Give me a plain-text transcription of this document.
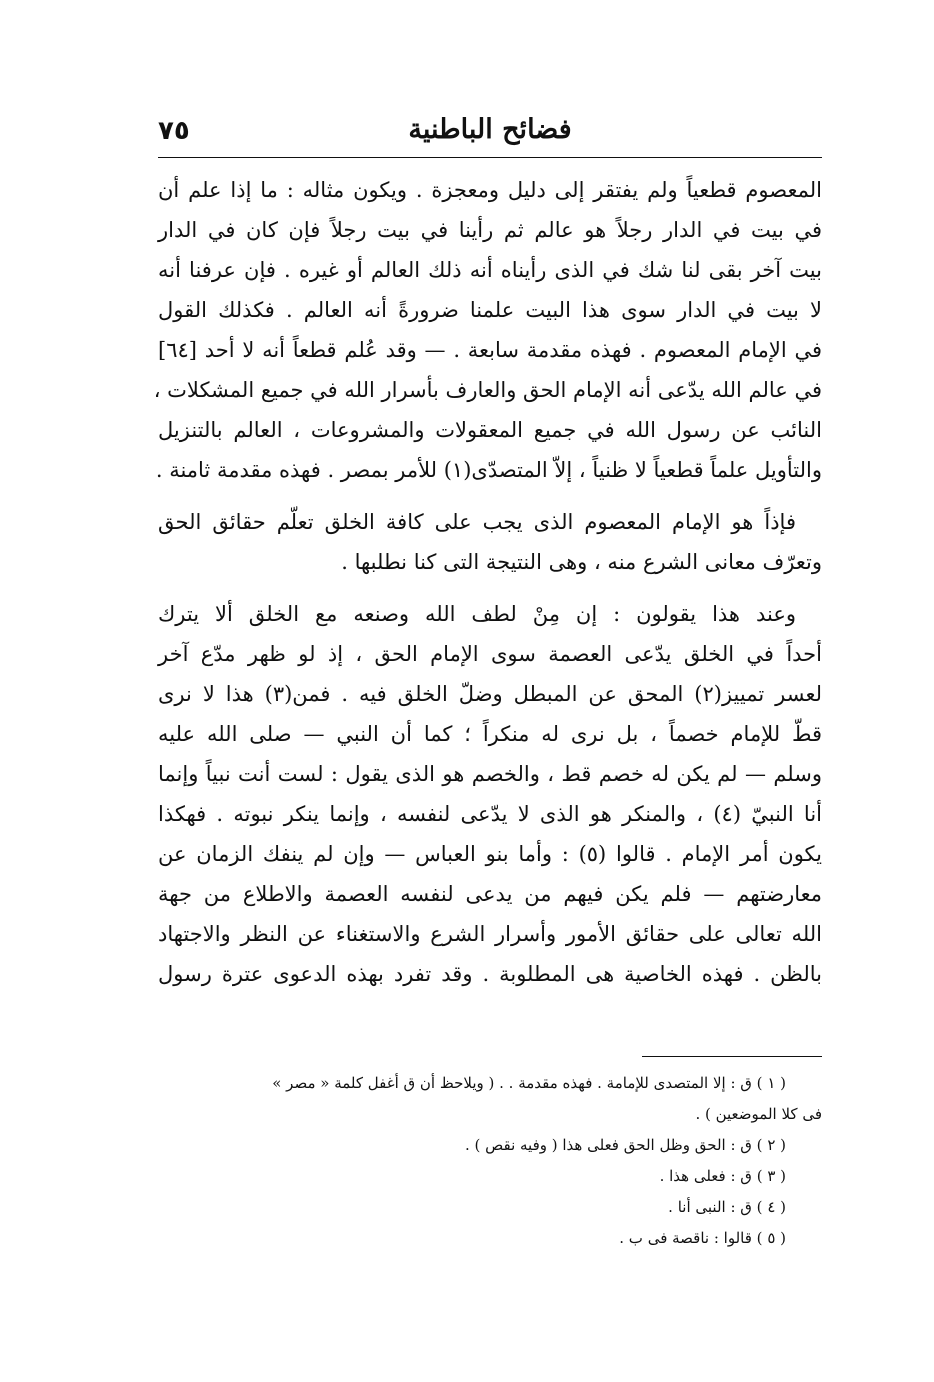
٧٥	فضائح الباطنية
المعصوم قطعياً ولم يفتقر إلى دليل ومعجزة . ويكون مثاله : ما إذا علم أن
في بيت في الدار رجلاً هو عالم ثم رأينا في بيت رجلاً فإن كان في الدار
بيت آخر بقى لنا شك في الذى رأيناه أنه ذلك العالم أو غيره . فإن عرفنا أنه
لا بيت في الدار سوى هذا البيت علمنا ضرورةً أنه العالم . فكذلك القول
في الإمام المعصوم . فهذه مقدمة سابعة . — وقد عُلم قطعاً أنه لا أحد [٦٤]
في عالم الله يدّعى أنه الإمام الحق والعارف بأسرار الله في جميع المشكلات ،
النائب عن رسول الله في جميع المعقولات والمشروعات ، العالم بالتنزيل
والتأويل علماً قطعياً لا ظنياً ، إلاّ المتصدّى(١) للأمر بمصر . فهذه مقدمة ثامنة .
فإذاً هو الإمام المعصوم الذى يجب على كافة الخلق تعلّم حقائق الحق
وتعرّف معانى الشرع منه ، وهى النتيجة التى كنا نطلبها .
وعند هذا يقولون : إن مِنْ لطف الله وصنعه مع الخلق ألا يترك
أحداً في الخلق يدّعى العصمة سوى الإمام الحق ، إذ لو ظهر مدّع آخر
لعسر تمييز(٢) المحق عن المبطل وضلّ الخلق فيه . فمن(٣) هذا لا نرى
قطّ للإمام خصماً ، بل نرى له منكراً ؛ كما أن النبي — صلى الله عليه
وسلم — لم يكن له خصم قط ، والخصم هو الذى يقول : لست أنت نبياً وإنما
أنا النبيّ (٤) ، والمنكر هو الذى لا يدّعى لنفسه ، وإنما ينكر نبوته . فهكذا
يكون أمر الإمام . قالوا (٥) : وأما بنو العباس — وإن لم ينفك الزمان عن
معارضتهم — فلم يكن فيهم من يدعى لنفسه العصمة والاطلاع من جهة
الله تعالى على حقائق الأمور وأسرار الشرع والاستغناء عن النظر والاجتهاد
بالظن . فهذه الخاصية هى المطلوبة . وقد تفرد بهذه الدعوى عترة رسول
( ١ ) ق : إلا المتصدى للإمامة . فهذه مقدمة . . ( ويلاحظ أن ق أغفل كلمة « مصر »
فى كلا الموضعين ) .
( ٢ ) ق : الحق وظل الحق فعلى هذا ( وفيه نقص ) .
( ٣ ) ق : فعلى هذا .
( ٤ ) ق : النبى أنا .
( ٥ ) قالوا : ناقصة فى ب .
